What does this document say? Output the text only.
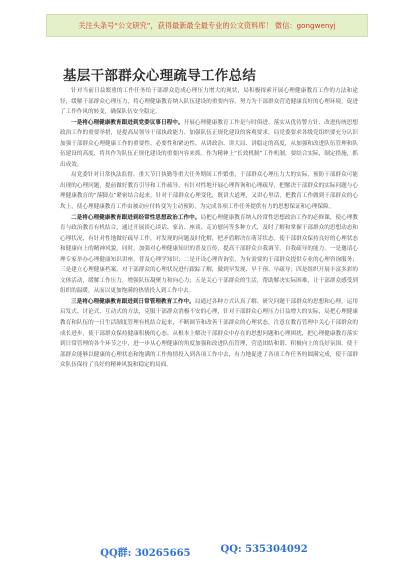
关注头条号“公文研究”，获得最新最全最专业的公文资料库！ 微信：gongwenyj
基层干部群众心理疏导工作总结

针对当前日益繁重的工作任务给干部群众造成心理压力增大的现状，局积极探索开展心理健康教育工作的方法和途径，缓解干部群众心理压力，将心理健康教育纳入队伍建设的重要内容，努力为干部群众营造健康良好的心理环境，促进了工作作风的转变，确保队伍安全稳定。

一是将心理健康教育跟进到党委议事日程中。开展心理健康教育工作是与时俱进、落实从优待警方针、改进传统思想政治工作的重要举措，是提高局领导干部执政能力、加强队伍正规化建设的客观要求。局党委要求各级党组织要充分认识加强干部群众心理健康工作的重要性、必要性和紧迫性，从讲政治、讲大局、讲稳定的高度，从加强和改进队伍管理和队伍建设的高度，将其作为队伍正规化建设的重要内容来抓。作为精神上“长效机制”工作机制，要结合实际，制定措施，抓出成效。

局党委针对日常执法监督、重大节日执勤等重大任务期间工作繁重，干部群众心理压力大的实际，预防干部群众可能出现的心理问题，提前做好教育引导和工作疏导，有针对性地开展心理咨询和心理疏导，把解决干部群众的实际问题与心理健康教育的“落脚点”紧密结合起来，针对干部群众心理变化，既讲大道理，又讲心里话，把教育工作做到干部群众的心坎上，使心理健康教育工作由被动应付转变为主动预防，为完成各项工作任务提供有力的思想保证和心理保障。

二是将心理健康教育跟进到经常性思想政治工作中。局把心理健康教育纳入经常性思想政治工作的必修课，使心理教育与政治教育有机结合，通过开展谈心谈话、家访、座谈、走访慰问等多种方式，及时了解和掌握干部群众的思想动态和心理状况，有针对性地做好疏导工作，对发现的问题及时化解，把矛盾解决在萌芽状态。使干部群众保持良好的心理状态和健康向上的精神风貌。同时，加强对心理健康知识的普及宣传，提高干部群众自我调节、自我疏导的能力。一是邀请心理专家举办心理健康知识讲座，普及心理学知识；二是开设心理咨询室，为有需要的干部群众提供专业的心理咨询服务；三是建立心理健康档案，对干部群众的心理状况进行跟踪了解，做到早发现、早干预、早疏导；四是组织开展丰富多彩的文体活动，缓解工作压力，增强队伍凝聚力和向心力；五是关心干部群众的生活，帮助解决实际困难，让干部群众感受到组织的温暖，从而以更加饱满的热情投入到工作中去。

三是将心理健康教育跟进到日常管理教育工作中。局通过各种方式认真了解、研究问题干部群众的思想和心理，运用启发式、讨论式、互动式的方法，克服干部群众消极不安的心理，针对干部群众心理压力日益增大的实际，局把心理健康教育和队伍的一日生活制度管理有机结合起来，不断调节和改善干部群众的心理状态，注意在教育管理中关心干部群众的成长进步，使干部群众保持健康积极的心态。从根本上解决干部群众中存在的思想问题和心理困扰，把心理健康教育落实到日常管理的各个环节之中，进一步从心理健康的角度加强和改进队伍管理，营造团结和谐、积极向上的良好氛围，使干部群众能够以健康的心理状态和饱满的工作热情投入到各项工作中去，有力地促进了各项工作任务的圆满完成，使干部群众队伍保持了良好的精神风貌和稳定的局面。

QQ群: 30265665	QQ: 535304092
